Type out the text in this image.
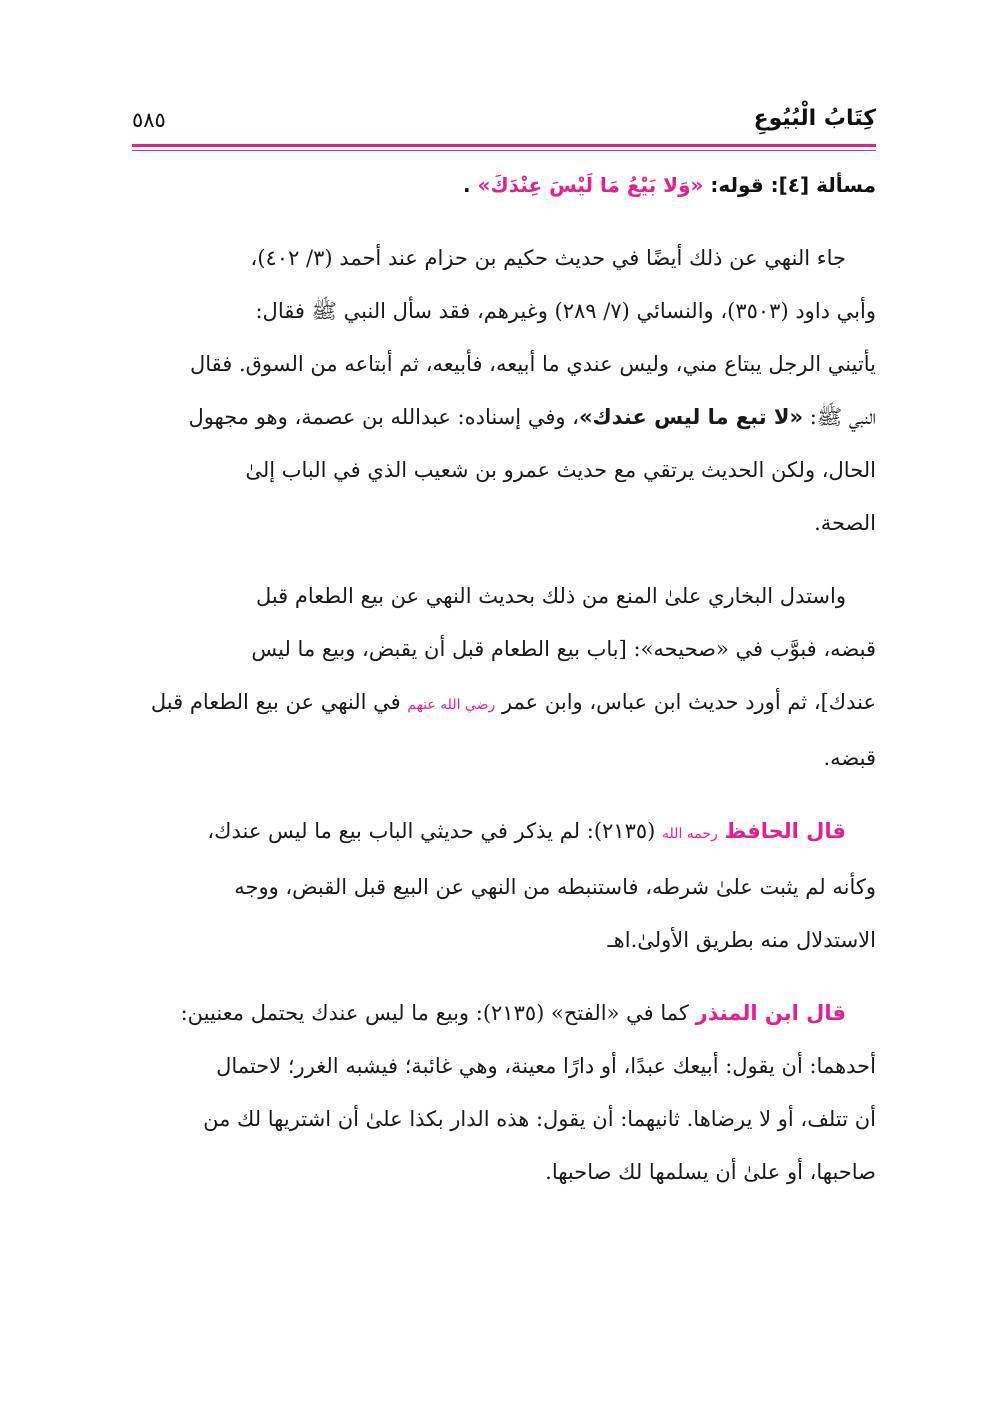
كِتَابُ الْبُيُوعِ
٥٨٥
مسألة [٤]: قوله: «وَلا بَيْعُ مَا لَيْسَ عِنْدَكَ» .

جاء النهي عن ذلك أيضًا في حديث حكيم بن حزام عند أحمد (٣/ ٤٠٢)،
وأبي داود (٣٥٠٣)، والنسائي (٧/ ٢٨٩) وغيرهم، فقد سأل النبي ﷺ فقال:
يأتيني الرجل يبتاع مني، وليس عندي ما أبيعه، فأبيعه، ثم أبتاعه من السوق. فقال
النبي ﷺ: «لا تبع ما ليس عندك»، وفي إسناده: عبدالله بن عصمة، وهو مجهول
الحال، ولكن الحديث يرتقي مع حديث عمرو بن شعيب الذي في الباب إلىٰ
الصحة.

واستدل البخاري علىٰ المنع من ذلك بحديث النهي عن بيع الطعام قبل
قبضه، فبوَّب في «صحيحه»: [باب بيع الطعام قبل أن يقبض، وبيع ما ليس
عندك]، ثم أورد حديث ابن عباس، وابن عمر رضي الله عنهم في النهي عن بيع الطعام قبل
قبضه.

قال الحافظ رحمه الله (٢١٣٥): لم يذكر في حديثي الباب بيع ما ليس عندك،
وكأنه لم يثبت علىٰ شرطه، فاستنبطه من النهي عن البيع قبل القبض، ووجه
الاستدلال منه بطريق الأولىٰ.اهـ

قال ابن المنذر كما في «الفتح» (٢١٣٥): وبيع ما ليس عندك يحتمل معنيين:
أحدهما: أن يقول: أبيعك عبدًا، أو دارًا معينة، وهي غائبة؛ فيشبه الغرر؛ لاحتمال
أن تتلف، أو لا يرضاها. ثانيهما: أن يقول: هذه الدار بكذا علىٰ أن اشتريها لك من
صاحبها، أو علىٰ أن يسلمها لك صاحبها.
